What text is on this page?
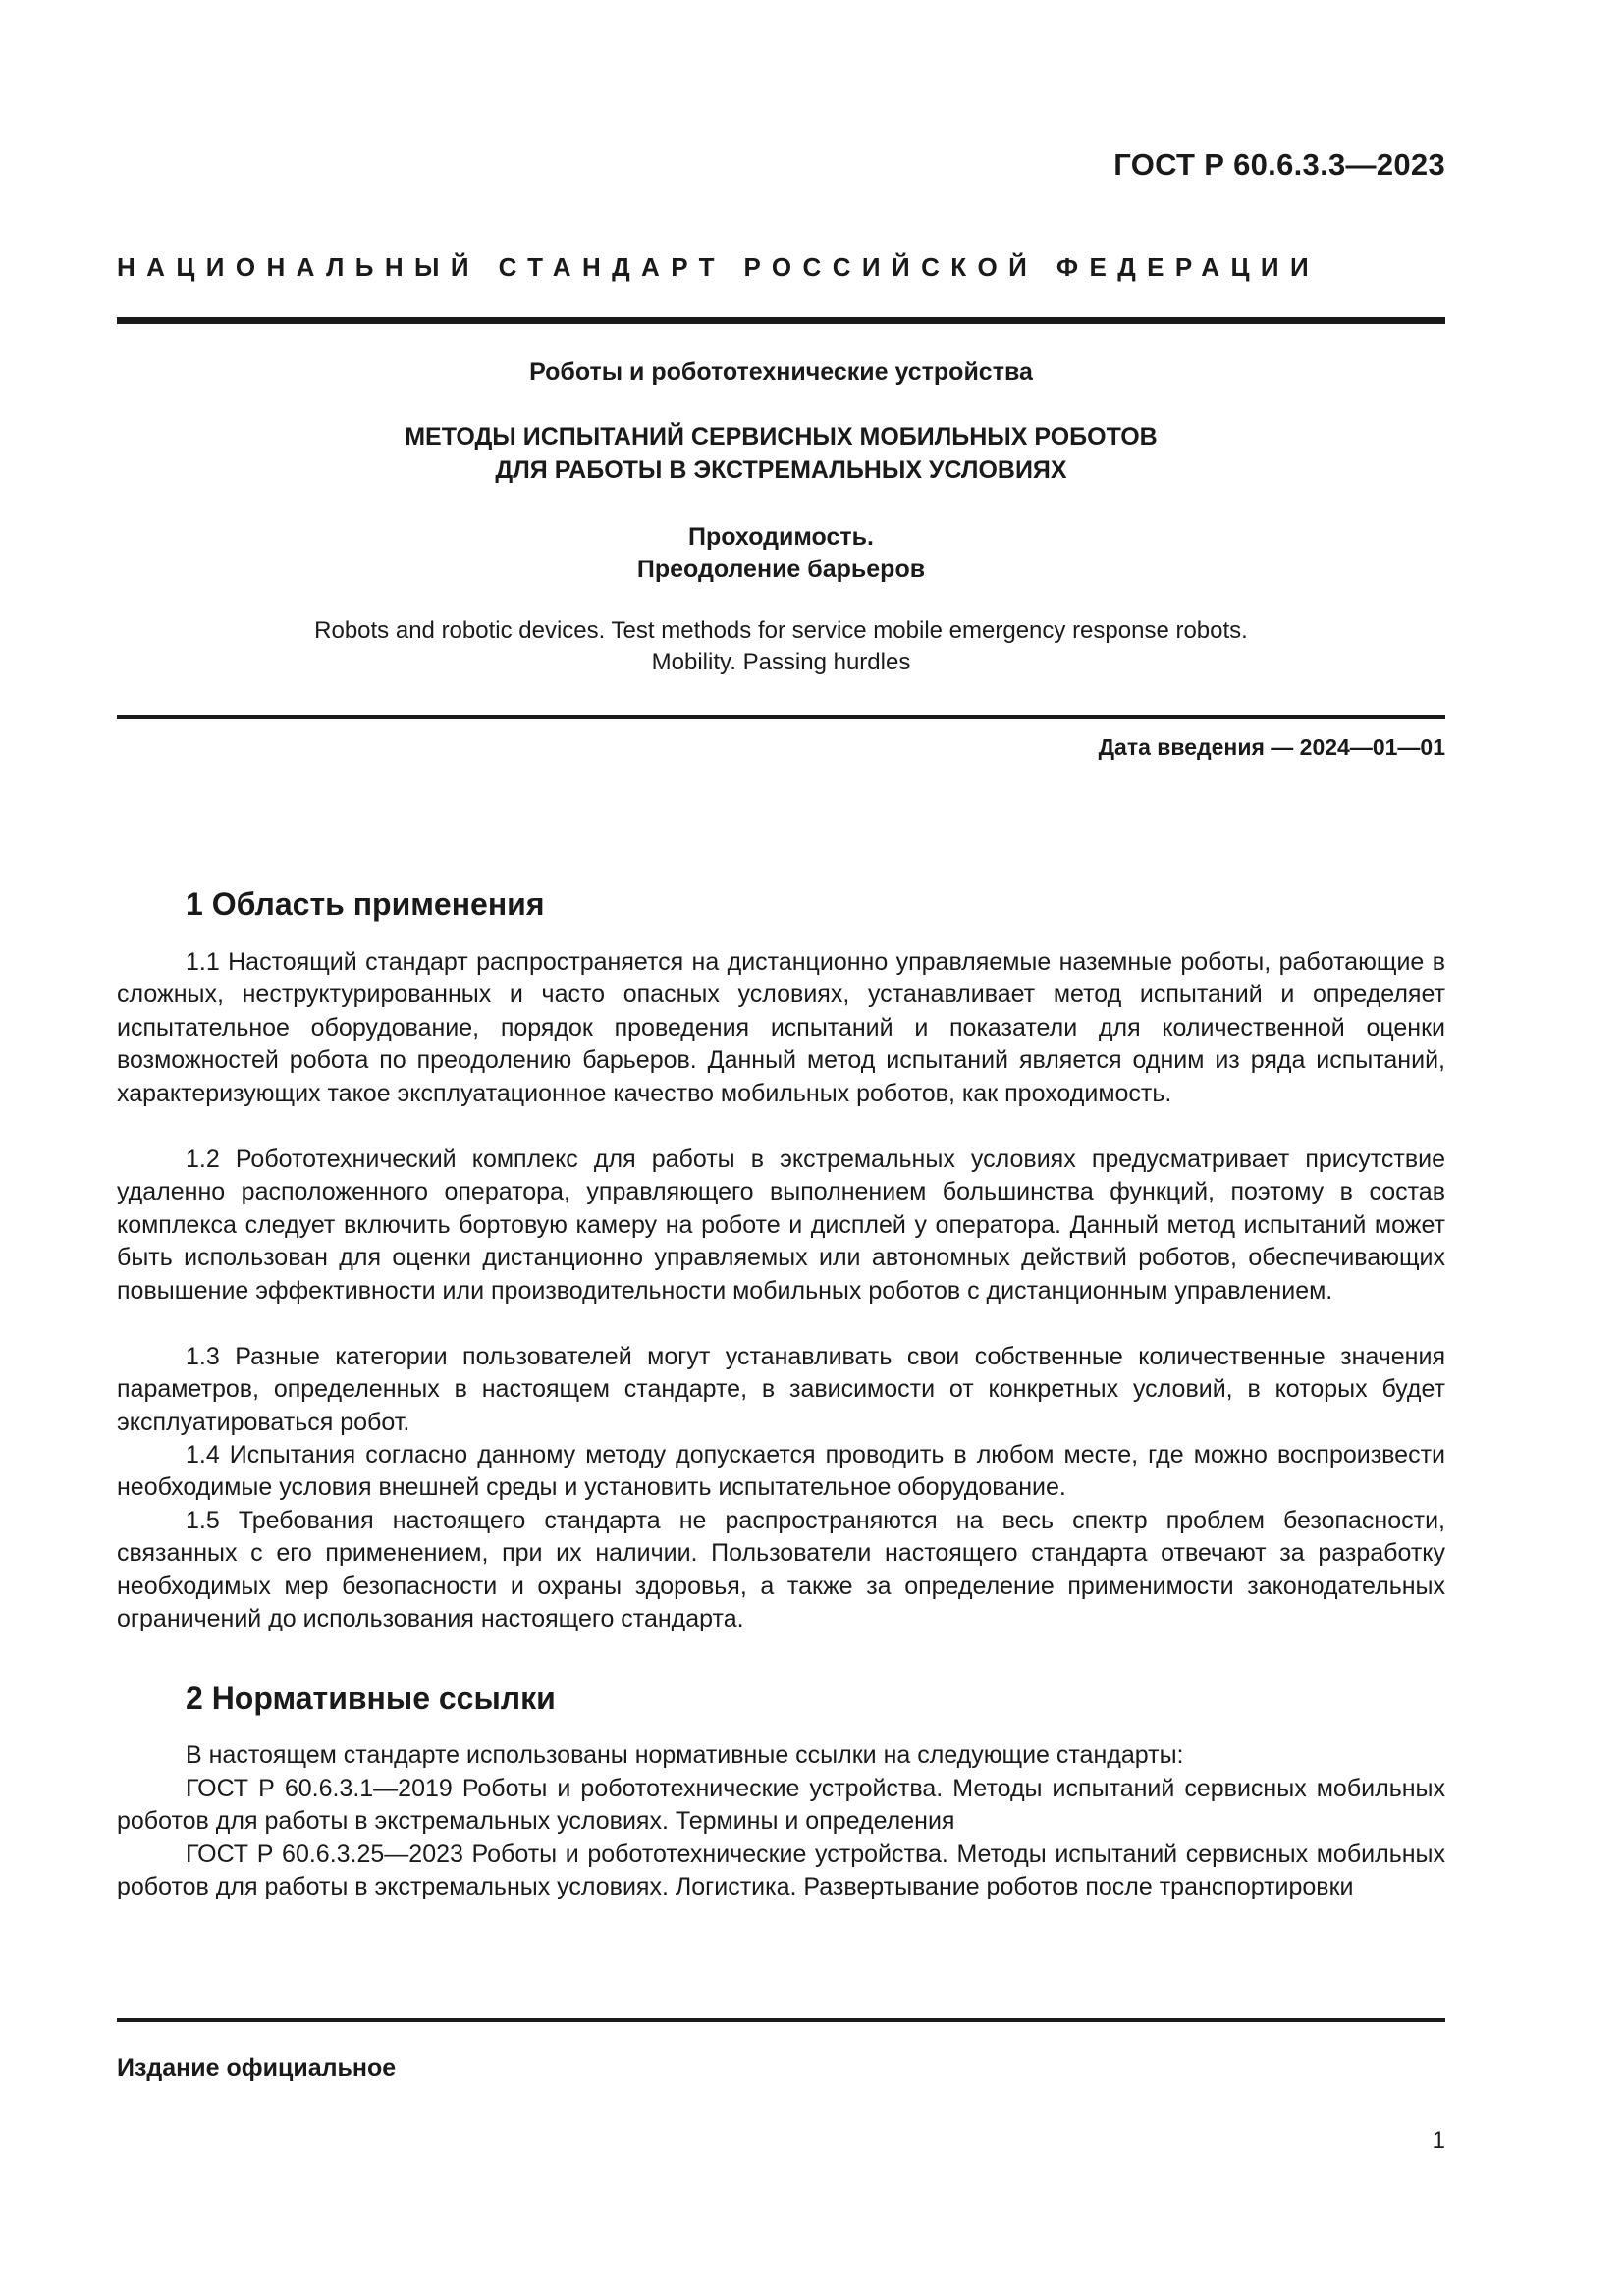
ГОСТ Р 60.6.3.3—2023
НАЦИОНАЛЬНЫЙ СТАНДАРТ РОССИЙСКОЙ ФЕДЕРАЦИИ
Роботы и робототехнические устройства
МЕТОДЫ ИСПЫТАНИЙ СЕРВИСНЫХ МОБИЛЬНЫХ РОБОТОВ
ДЛЯ РАБОТЫ В ЭКСТРЕМАЛЬНЫХ УСЛОВИЯХ
Проходимость.
Преодоление барьеров
Robots and robotic devices. Test methods for service mobile emergency response robots.
Mobility. Passing hurdles
Дата введения — 2024—01—01
1 Область применения

1.1 Настоящий стандарт распространяется на дистанционно управляемые наземные роботы, работающие в сложных, неструктурированных и часто опасных условиях, устанавливает метод испытаний и определяет испытательное оборудование, порядок проведения испытаний и показатели для количественной оценки возможностей робота по преодолению барьеров. Данный метод испытаний является одним из ряда испытаний, характеризующих такое эксплуатационное качество мобильных роботов, как проходимость.

1.2 Робототехнический комплекс для работы в экстремальных условиях предусматривает присутствие удаленно расположенного оператора, управляющего выполнением большинства функций, поэтому в состав комплекса следует включить бортовую камеру на роботе и дисплей у оператора. Данный метод испытаний может быть использован для оценки дистанционно управляемых или автономных действий роботов, обеспечивающих повышение эффективности или производительности мобильных роботов с дистанционным управлением.

1.3 Разные категории пользователей могут устанавливать свои собственные количественные значения параметров, определенных в настоящем стандарте, в зависимости от конкретных условий, в которых будет эксплуатироваться робот.

1.4 Испытания согласно данному методу допускается проводить в любом месте, где можно воспроизвести необходимые условия внешней среды и установить испытательное оборудование.

1.5 Требования настоящего стандарта не распространяются на весь спектр проблем безопасности, связанных с его применением, при их наличии. Пользователи настоящего стандарта отвечают за разработку необходимых мер безопасности и охраны здоровья, а также за определение применимости законодательных ограничений до использования настоящего стандарта.

2 Нормативные ссылки

В настоящем стандарте использованы нормативные ссылки на следующие стандарты:

ГОСТ Р 60.6.3.1—2019 Роботы и робототехнические устройства. Методы испытаний сервисных мобильных роботов для работы в экстремальных условиях. Термины и определения

ГОСТ Р 60.6.3.25—2023 Роботы и робототехнические устройства. Методы испытаний сервисных мобильных роботов для работы в экстремальных условиях. Логистика. Развертывание роботов после транспортировки

Издание официальное
1
